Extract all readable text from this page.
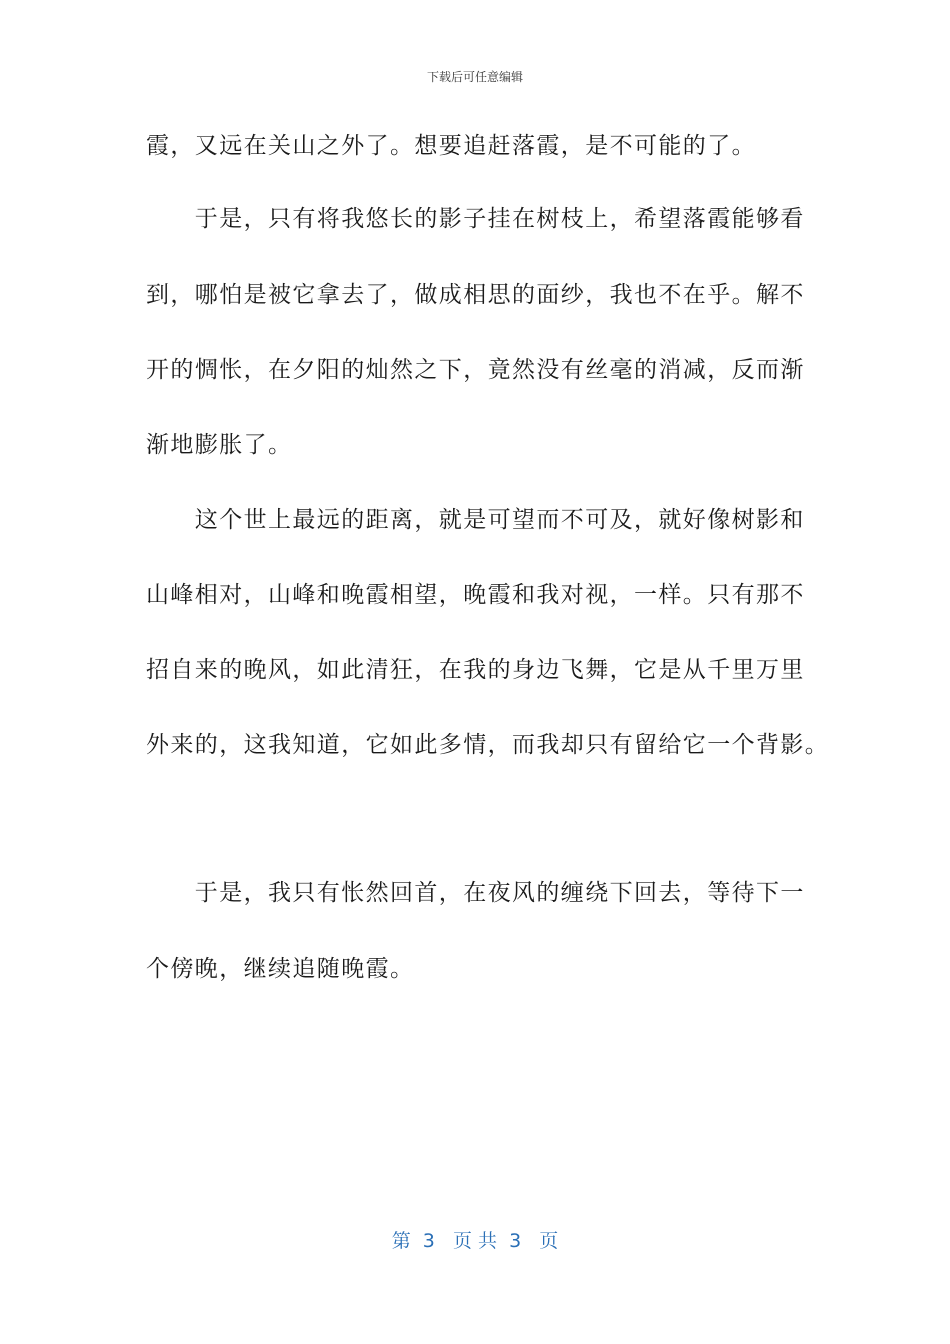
下载后可任意编辑
霞，又远在关山之外了。想要追赶落霞，是不可能的了。
　　于是，只有将我悠长的影子挂在树枝上，希望落霞能够看
到，哪怕是被它拿去了，做成相思的面纱，我也不在乎。解不
开的惆怅，在夕阳的灿然之下，竟然没有丝毫的消减，反而渐
渐地膨胀了。
　　这个世上最远的距离，就是可望而不可及，就好像树影和
山峰相对，山峰和晚霞相望，晚霞和我对视，一样。只有那不
招自来的晚风，如此清狂，在我的身边飞舞，它是从千里万里
外来的，这我知道，它如此多情，而我却只有留给它一个背影。
　　于是，我只有怅然回首，在夜风的缠绕下回去，等待下一
个傍晚，继续追随晚霞。
第  3   页 共  3   页
